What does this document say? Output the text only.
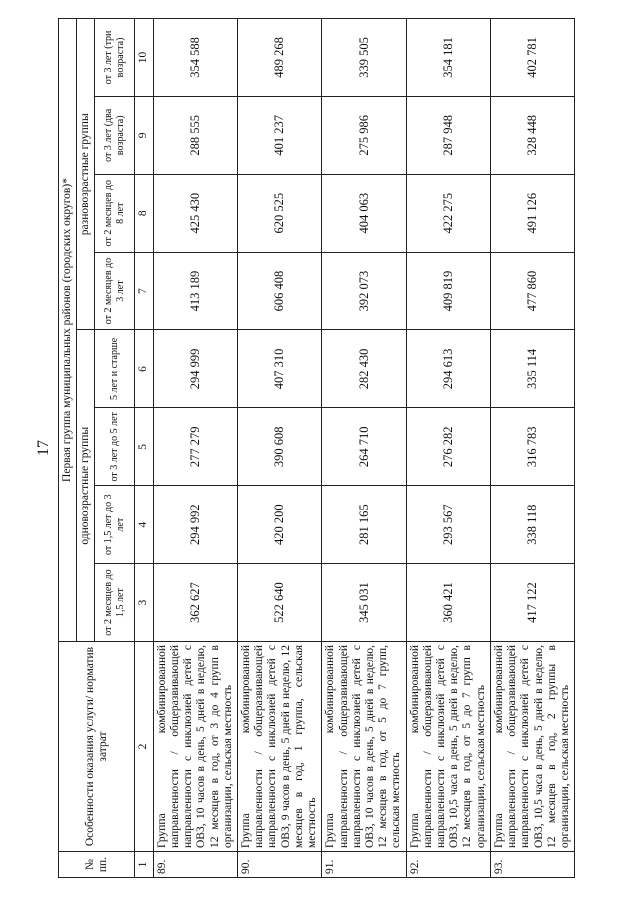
17
№ пп.	Особенности оказания услуги/ норматив затрат	Первая группа муниципальных районов (городских округов)*							
		одновозрастные группы				разновозрастные группы			
		от 2 месяцев до 1,5 лет	от 1,5 лет до 3 лет	от 3 лет до 5 лет	5 лет и старше	от 2 месяцев до 3 лет	от 2 месяцев до 8 лет	от 3 лет (два возраста)	от 3 лет (три возраста)
1	2	3	4	5	6	7	8	9	10
89.	Группа комбинированной направленности / общеразвивающей направленности с инклюзией детей с ОВЗ, 10 часов в день, 5 дней в неделю, 12 месяцев в год, от 3 до 4 групп в организации, сельская местность	362 627	294 992	277 279	294 999	413 189	425 430	288 555	354 588
90.	Группа комбинированной направленности / общеразвивающей направленности с инклюзией детей с ОВЗ, 9 часов в день, 5 дней в неделю, 12 месяцев в год, 1 группа, сельская местность	522 640	420 200	390 608	407 310	606 408	620 525	401 237	489 268
91.	Группа комбинированной направленности / общеразвивающей направленности с инклюзией детей с ОВЗ, 10 часов в день, 5 дней в неделю, 12 месяцев в год, от 5 до 7 групп, сельская местность	345 031	281 165	264 710	282 430	392 073	404 063	275 986	339 505
92.	Группа комбинированной направленности / общеразвивающей направленности с инклюзией детей с ОВЗ, 10,5 часа в день, 5 дней в неделю, 12 месяцев в год, от 5 до 7 групп в организации, сельская местность	360 421	293 567	276 282	294 613	409 819	422 275	287 948	354 181
93.	Группа комбинированной направленности / общеразвивающей направленности с инклюзией детей с ОВЗ, 10,5 часа в день, 5 дней в неделю, 12 месяцев в год, 2 группы в организации, сельская местность	417 122	338 118	316 783	335 114	477 860	491 126	328 448	402 781
